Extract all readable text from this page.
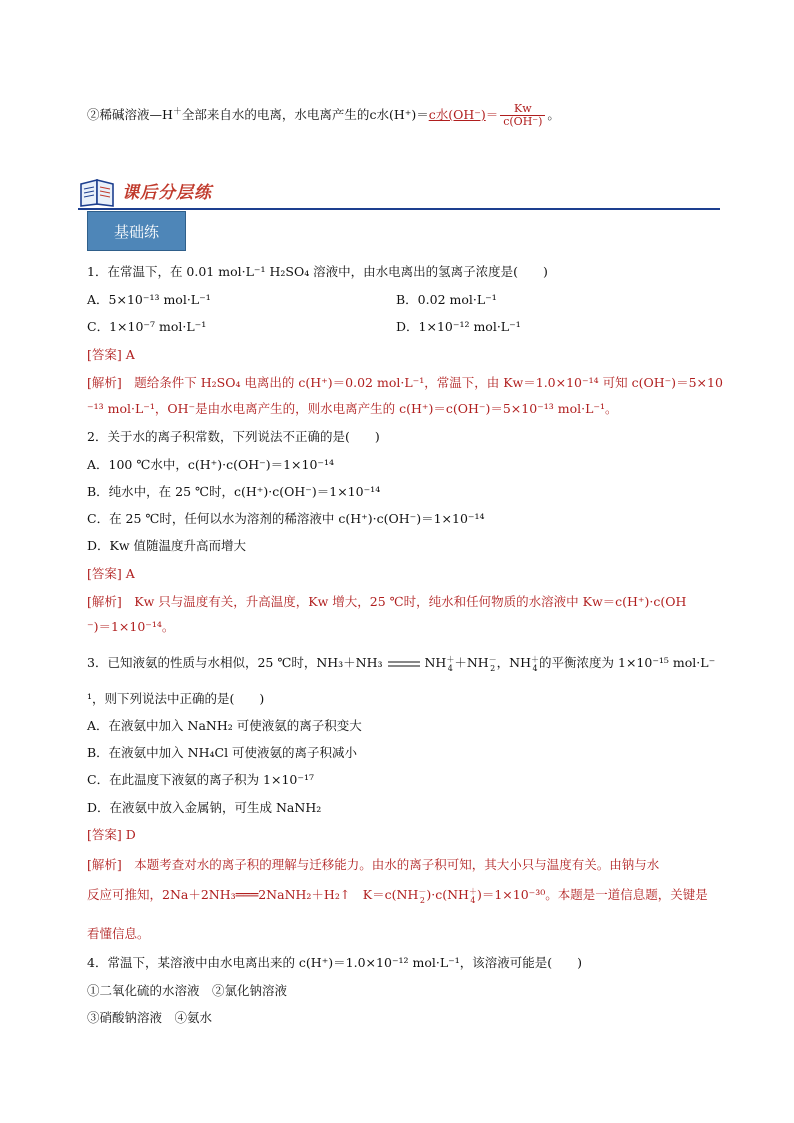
②稀碱溶液—H＋全部来自水的电离，水电离产生的c水(H⁺)＝c水$(OH^-)= \frac{Kw}{c(OH^-)}$ 。
课后分层练
基础练
1．在常温下，在 0.01 mol·L⁻¹ H₂SO₄ 溶液中，由水电离出的氢离子浓度是(　　)
A．5×10⁻¹³ mol·L⁻¹	B．0.02 mol·L⁻¹
C．1×10⁻⁷ mol·L⁻¹	D．1×10⁻¹² mol·L⁻¹
[答案] A
[解析]　题给条件下 H₂SO₄ 电离出的 c(H⁺)＝0.02 mol·L⁻¹，常温下，由 Kw＝1.0×10⁻¹⁴ 可知 c(OH⁻)＝5×10
⁻¹³ mol·L⁻¹，OH⁻是由水电离产生的，则水电离产生的 c(H⁺)＝c(OH⁻)＝5×10⁻¹³ mol·L⁻¹。
2．关于水的离子积常数，下列说法不正确的是(　　)
A．100 ℃水中，c(H⁺)·c(OH⁻)＝1×10⁻¹⁴
B．纯水中，在 25 ℃时，c(H⁺)·c(OH⁻)＝1×10⁻¹⁴
C．在 25 ℃时，任何以水为溶剂的稀溶液中 c(H⁺)·c(OH⁻)＝1×10⁻¹⁴
D．Kw 值随温度升高而增大
[答案] A
[解析]　Kw 只与温度有关，升高温度，Kw 增大，25 ℃时，纯水和任何物质的水溶液中 Kw＝c(H⁺)·c(OH
⁻)＝1×10⁻¹⁴。
3．已知液氨的性质与水相似，25 ℃时，NH₃＋NH₃	NH ＋
4 ＋NH －
2 ，NH ＋
4 的平衡浓度为 1×10⁻¹⁵ mol·L⁻
¹，则下列说法中正确的是(　　)
A．在液氨中加入 NaNH₂ 可使液氨的离子积变大
B．在液氨中加入 NH₄Cl 可使液氨的离子积减小
C．在此温度下液氨的离子积为 1×10⁻¹⁷
D．在液氨中放入金属钠，可生成 NaNH₂
[答案] D
[解析]　本题考查对水的离子积的理解与迁移能力。由水的离子积可知，其大小只与温度有关。由钠与水
反应可推知，2Na＋2NH₃═══2NaNH₂＋H₂↑　K＝c(NH －
2 )·c(NH ＋
4 )＝1×10⁻³⁰。本题是一道信息题，关键是
看懂信息。
4．常温下，某溶液中由水电离出来的 c(H⁺)＝1.0×10⁻¹² mol·L⁻¹，该溶液可能是(　　)
①二氧化硫的水溶液　②氯化钠溶液
③硝酸钠溶液　④氨水
